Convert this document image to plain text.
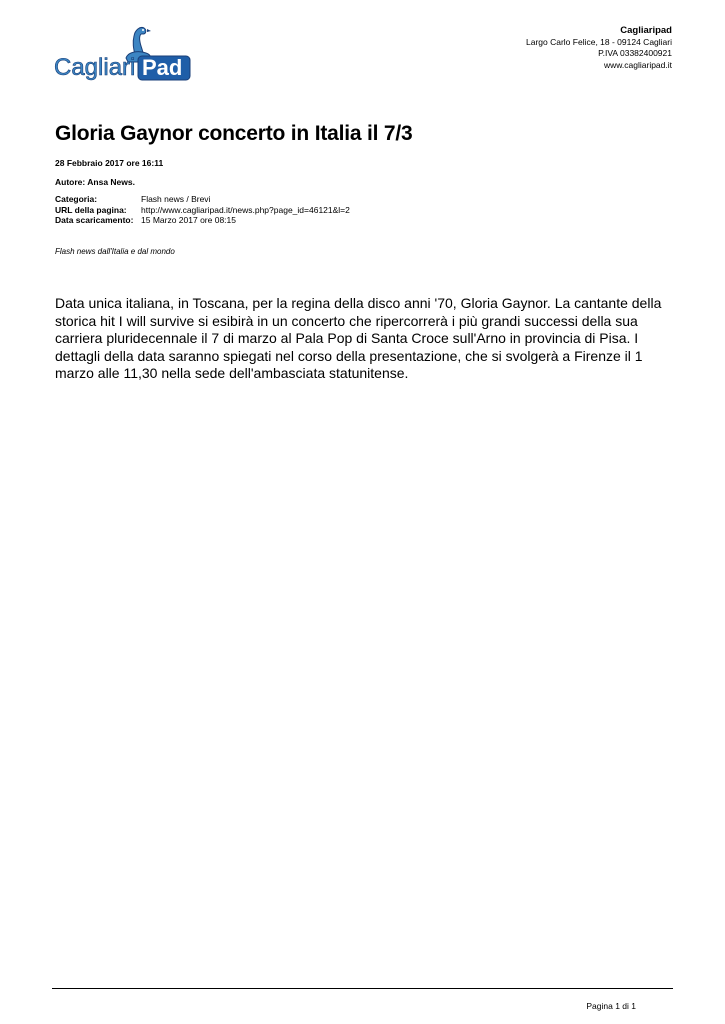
Cagliari Pad
Cagliaripad
Largo Carlo Felice, 18 - 09124 Cagliari
P.IVA 03382400921
www.cagliaripad.it
Gloria Gaynor concerto in Italia il 7/3
28 Febbraio 2017 ore 16:11
Autore: Ansa News.
Categoria:	Flash news / Brevi
URL della pagina:	http://www.cagliaripad.it/news.php?page_id=46121&l=2
Data scaricamento: 15 Marzo 2017 ore 08:15
Flash news dall'Italia e dal mondo

Data unica italiana, in Toscana, per la regina della disco anni '70, Gloria Gaynor. La cantante della storica hit I will survive si esibirà in un concerto che ripercorrerà i più grandi successi della sua carriera pluridecennale il 7 di marzo al Pala Pop di Santa Croce sull'Arno in provincia di Pisa. I dettagli della data saranno spiegati nel corso della presentazione, che si svolgerà a Firenze il 1 marzo alle 11,30 nella sede dell'ambasciata statunitense.

Pagina 1 di 1
